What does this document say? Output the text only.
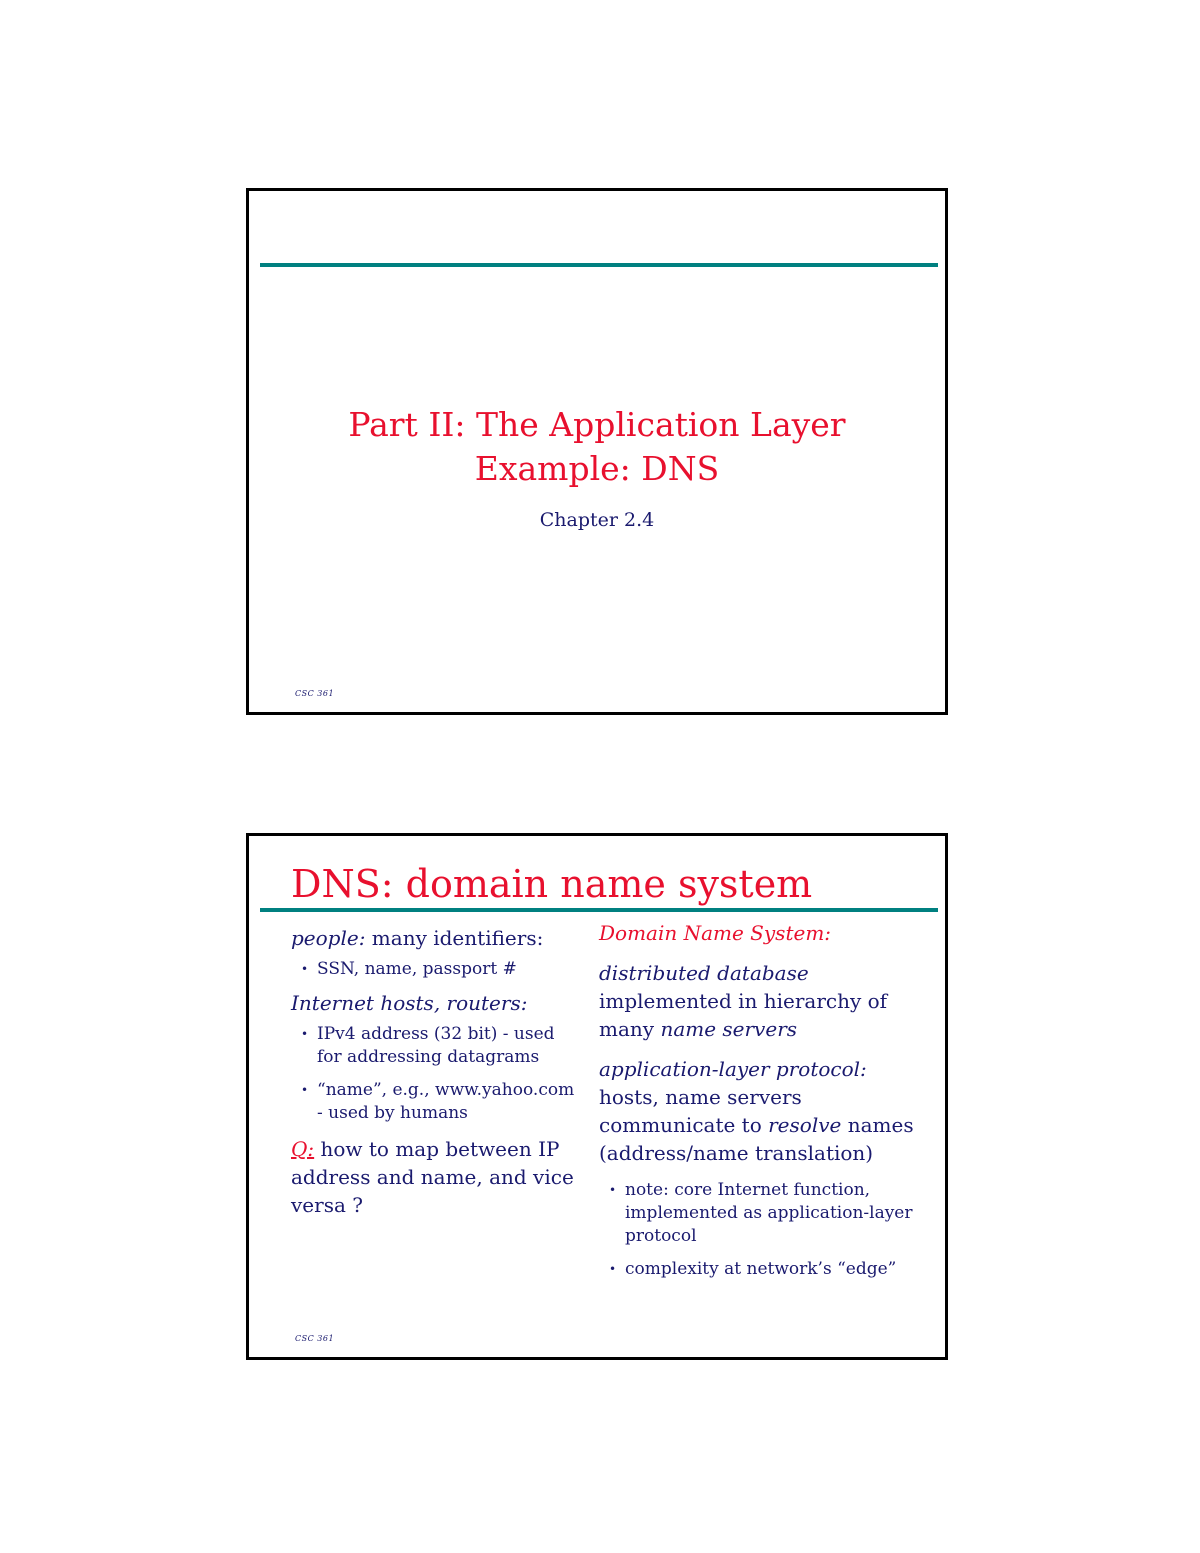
Part II: The Application Layer
Example: DNS
Chapter 2.4
CSC 361
DNS: domain name system
people: many identifiers:
• SSN, name, passport #
Internet hosts, routers:
• IPv4 address (32 bit) - used for addressing datagrams
• “name”, e.g., www.yahoo.com - used by humans
Q: how to map between IP address and name, and vice versa ?
Domain Name System:
distributed database implemented in hierarchy of many name servers
application-layer protocol: hosts, name servers communicate to resolve names (address/name translation)
• note: core Internet function, implemented as application-layer protocol
• complexity at network’s “edge”
CSC 361
